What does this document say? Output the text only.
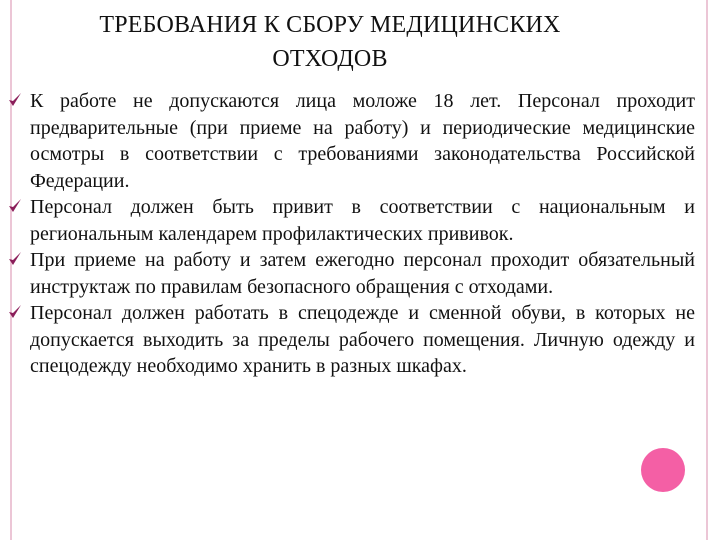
ТРЕБОВАНИЯ К СБОРУ МЕДИЦИНСКИХ
ОТХОДОВ

К работе не допускаются лица моложе 18 лет. Персонал проходит предварительные (при приеме на работу) и периодические медицинские осмотры в соответствии с требованиями законодательства Российской Федерации.

Персонал должен быть привит в соответствии с национальным и региональным календарем профилактических прививок.

При приеме на работу и затем ежегодно персонал проходит обязательный инструктаж по правилам безопасного обращения с отходами.

Персонал должен работать в спецодежде и сменной обуви, в которых не допускается выходить за пределы рабочего помещения. Личную одежду и спецодежду необходимо хранить в разных шкафах.
